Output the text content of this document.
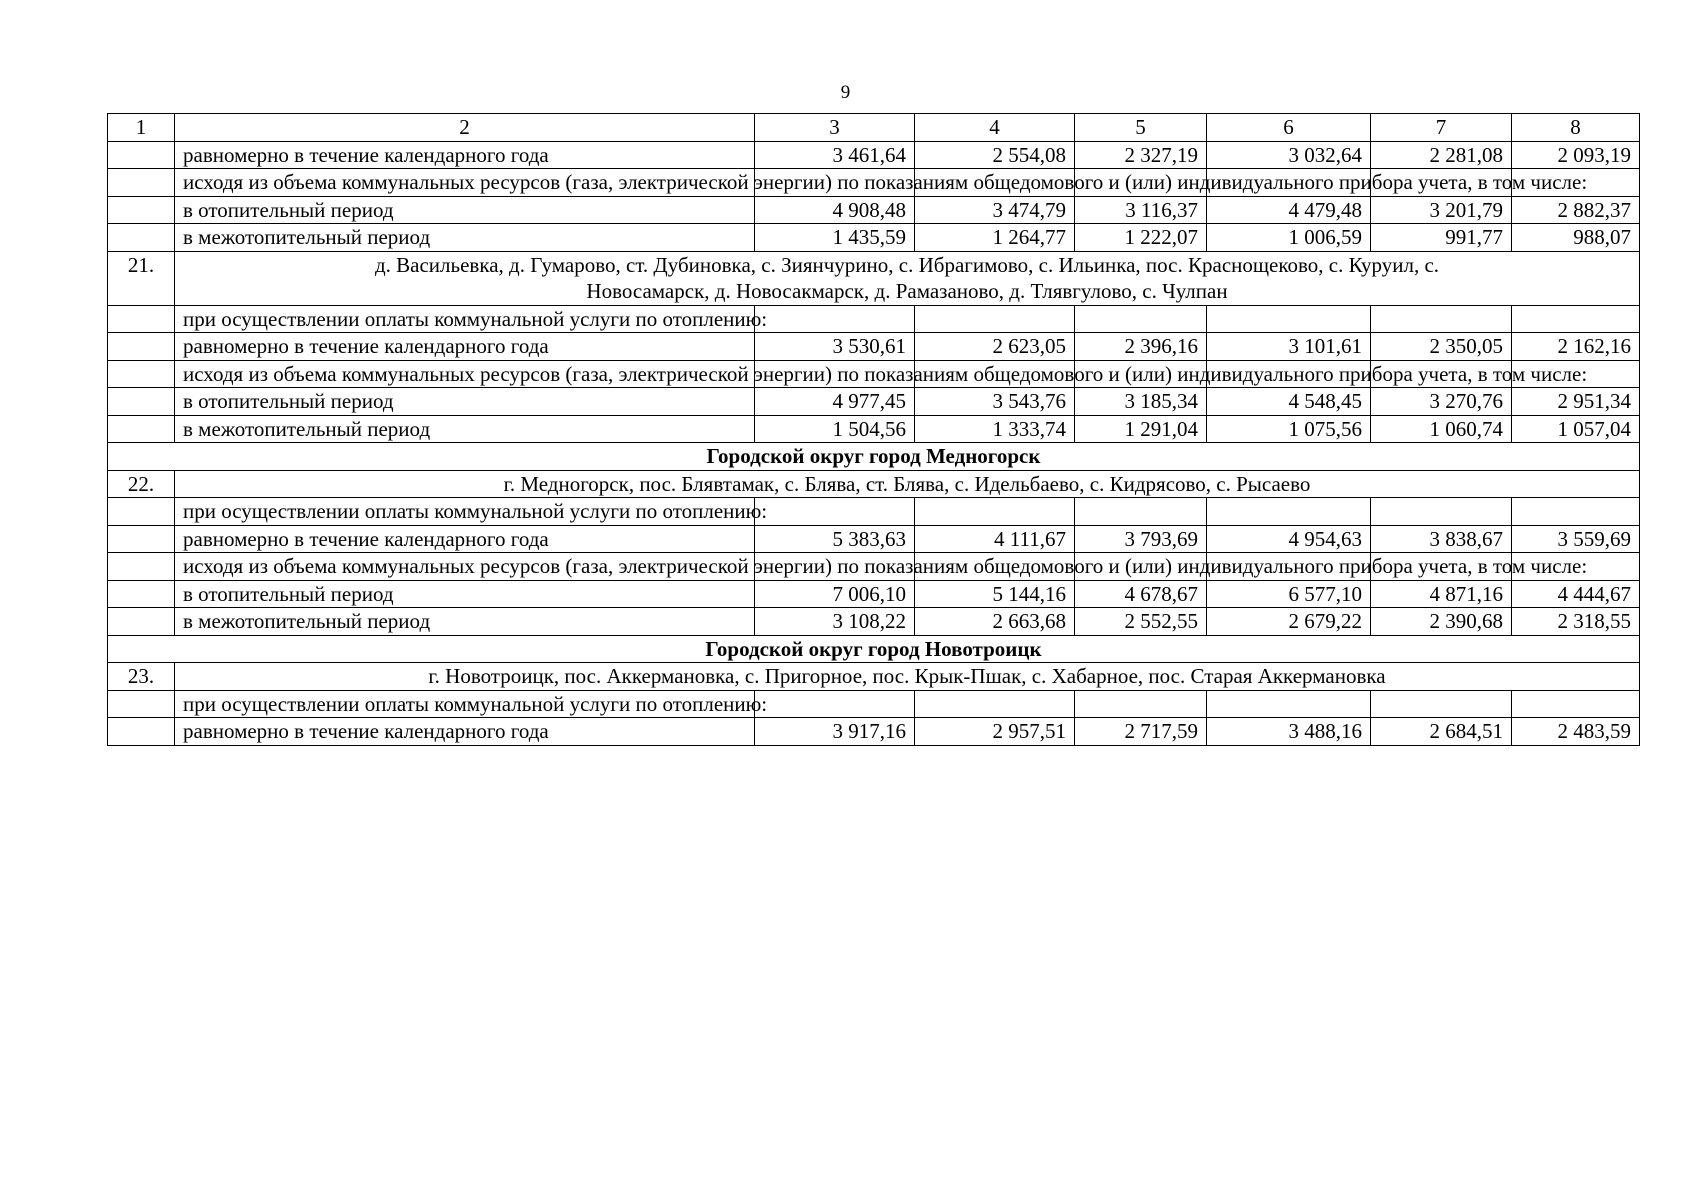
9
1	2	3	4	5	6	7	8
	равномерно в течение календарного года	3 461,64	2 554,08	2 327,19	3 032,64	2 281,08	2 093,19
	исходя из объема коммунальных ресурсов (газа, электрической энергии) по показаниям общедомового и (или) индивидуального прибора учета, в том числе:						
	в отопительный период	4 908,48	3 474,79	3 116,37	4 479,48	3 201,79	2 882,37
	в межотопительный период	1 435,59	1 264,77	1 222,07	1 006,59	991,77	988,07
21.	д. Васильевка, д. Гумарово, ст. Дубиновка, с. Зиянчурино, с. Ибрагимово, с. Ильинка, пос. Краснощеково, с. Куруил, с. Новосамарск, д. Новосакмарск, д. Рамазаново, д. Тлявгулово, с. Чулпан						
	при осуществлении оплаты коммунальной услуги по отоплению:						
	равномерно в течение календарного года	3 530,61	2 623,05	2 396,16	3 101,61	2 350,05	2 162,16
	исходя из объема коммунальных ресурсов (газа, электрической энергии) по показаниям общедомового и (или) индивидуального прибора учета, в том числе:						
	в отопительный период	4 977,45	3 543,76	3 185,34	4 548,45	3 270,76	2 951,34
	в межотопительный период	1 504,56	1 333,74	1 291,04	1 075,56	1 060,74	1 057,04
Городской округ город Медногорск							
22.	г. Медногорск, пос. Блявтамак, с. Блява, ст. Блява, с. Идельбаево, с. Кидрясово, с. Рысаево						
	при осуществлении оплаты коммунальной услуги по отоплению:						
	равномерно в течение календарного года	5 383,63	4 111,67	3 793,69	4 954,63	3 838,67	3 559,69
	исходя из объема коммунальных ресурсов (газа, электрической энергии) по показаниям общедомового и (или) индивидуального прибора учета, в том числе:						
	в отопительный период	7 006,10	5 144,16	4 678,67	6 577,10	4 871,16	4 444,67
	в межотопительный период	3 108,22	2 663,68	2 552,55	2 679,22	2 390,68	2 318,55
Городской округ город Новотроицк							
23.	г. Новотроицк, пос. Аккермановка, с. Пригорное, пос. Крык-Пшак, с. Хабарное, пос. Старая Аккермановка						
	при осуществлении оплаты коммунальной услуги по отоплению:						
	равномерно в течение календарного года	3 917,16	2 957,51	2 717,59	3 488,16	2 684,51	2 483,59
